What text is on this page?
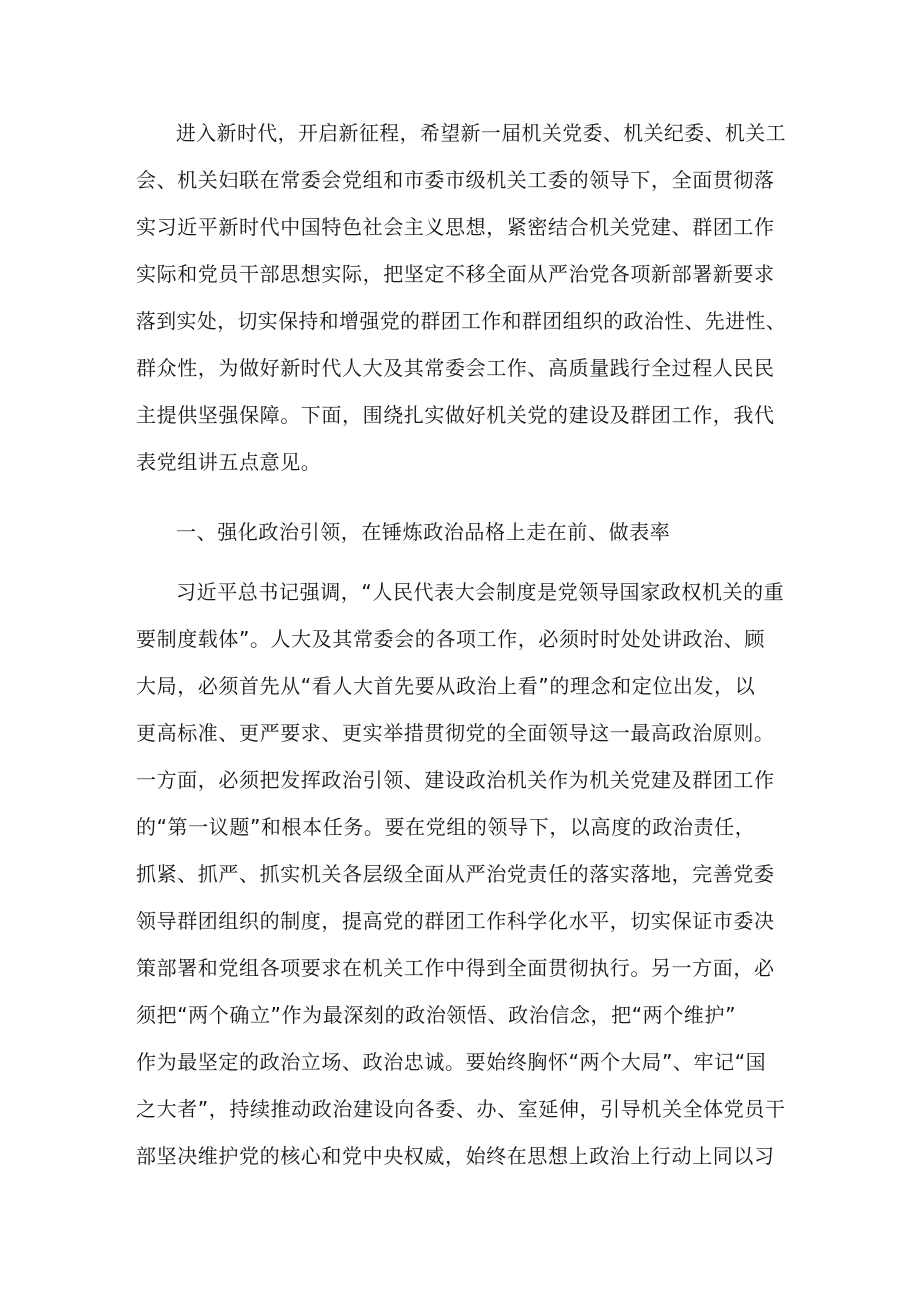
进入新时代，开启新征程，希望新一届机关党委、机关纪委、机关工
会、机关妇联在常委会党组和市委市级机关工委的领导下，全面贯彻落
实习近平新时代中国特色社会主义思想，紧密结合机关党建、群团工作
实际和党员干部思想实际，把坚定不移全面从严治党各项新部署新要求
落到实处，切实保持和增强党的群团工作和群团组织的政治性、先进性、
群众性，为做好新时代人大及其常委会工作、高质量践行全过程人民民
主提供坚强保障。下面，围绕扎实做好机关党的建设及群团工作，我代
表党组讲五点意见。
一、强化政治引领，在锤炼政治品格上走在前、做表率
习近平总书记强调，“人民代表大会制度是党领导国家政权机关的重
要制度载体”。人大及其常委会的各项工作，必须时时处处讲政治、顾
大局，必须首先从“看人大首先要从政治上看”的理念和定位出发，以
更高标准、更严要求、更实举措贯彻党的全面领导这一最高政治原则。
一方面，必须把发挥政治引领、建设政治机关作为机关党建及群团工作
的“第一议题”和根本任务。要在党组的领导下，以高度的政治责任，
抓紧、抓严、抓实机关各层级全面从严治党责任的落实落地，完善党委
领导群团组织的制度，提高党的群团工作科学化水平，切实保证市委决
策部署和党组各项要求在机关工作中得到全面贯彻执行。另一方面，必
须把“两个确立”作为最深刻的政治领悟、政治信念，把“两个维护”
作为最坚定的政治立场、政治忠诚。要始终胸怀“两个大局”、牢记“国
之大者”，持续推动政治建设向各委、办、室延伸，引导机关全体党员干
部坚决维护党的核心和党中央权威，始终在思想上政治上行动上同以习
